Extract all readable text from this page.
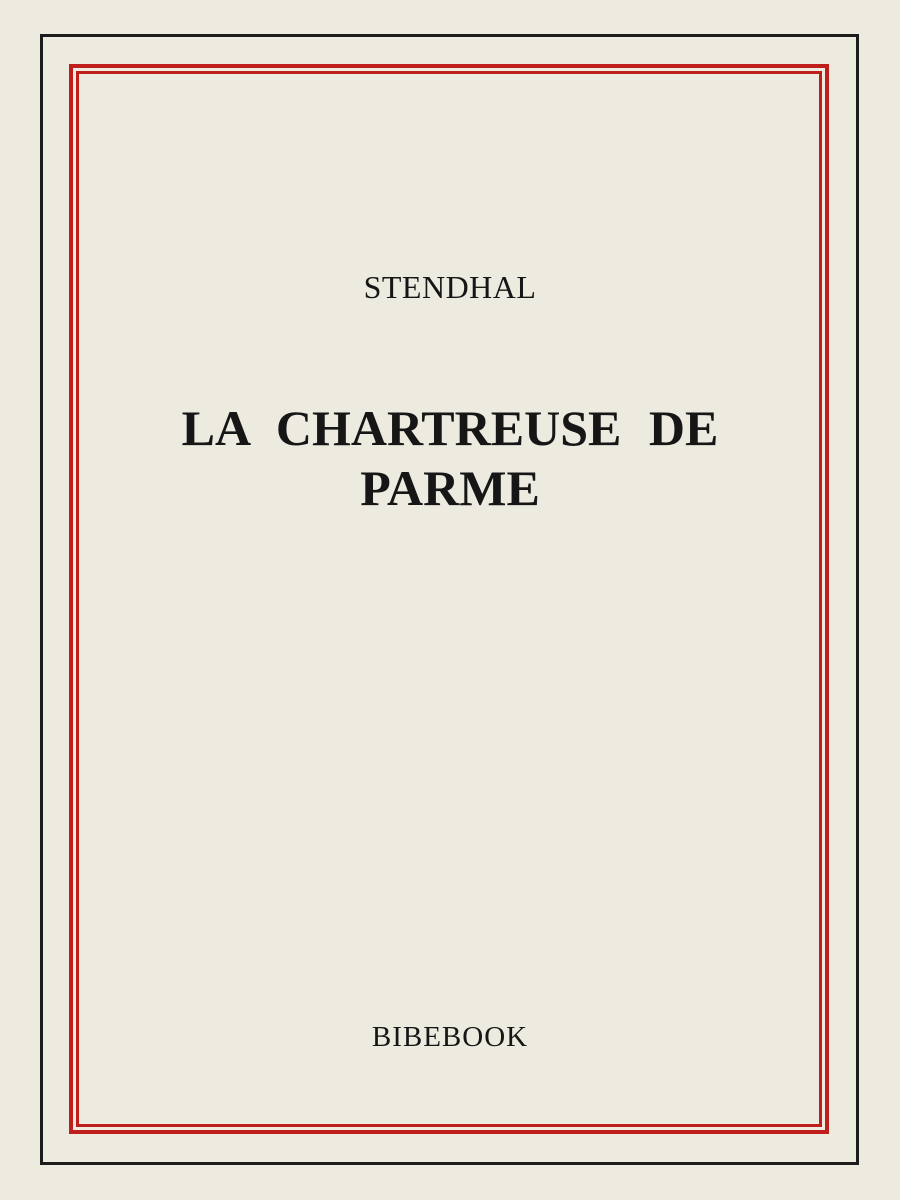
STENDHAL
LA CHARTREUSE DE
PARME
BIBEBOOK
